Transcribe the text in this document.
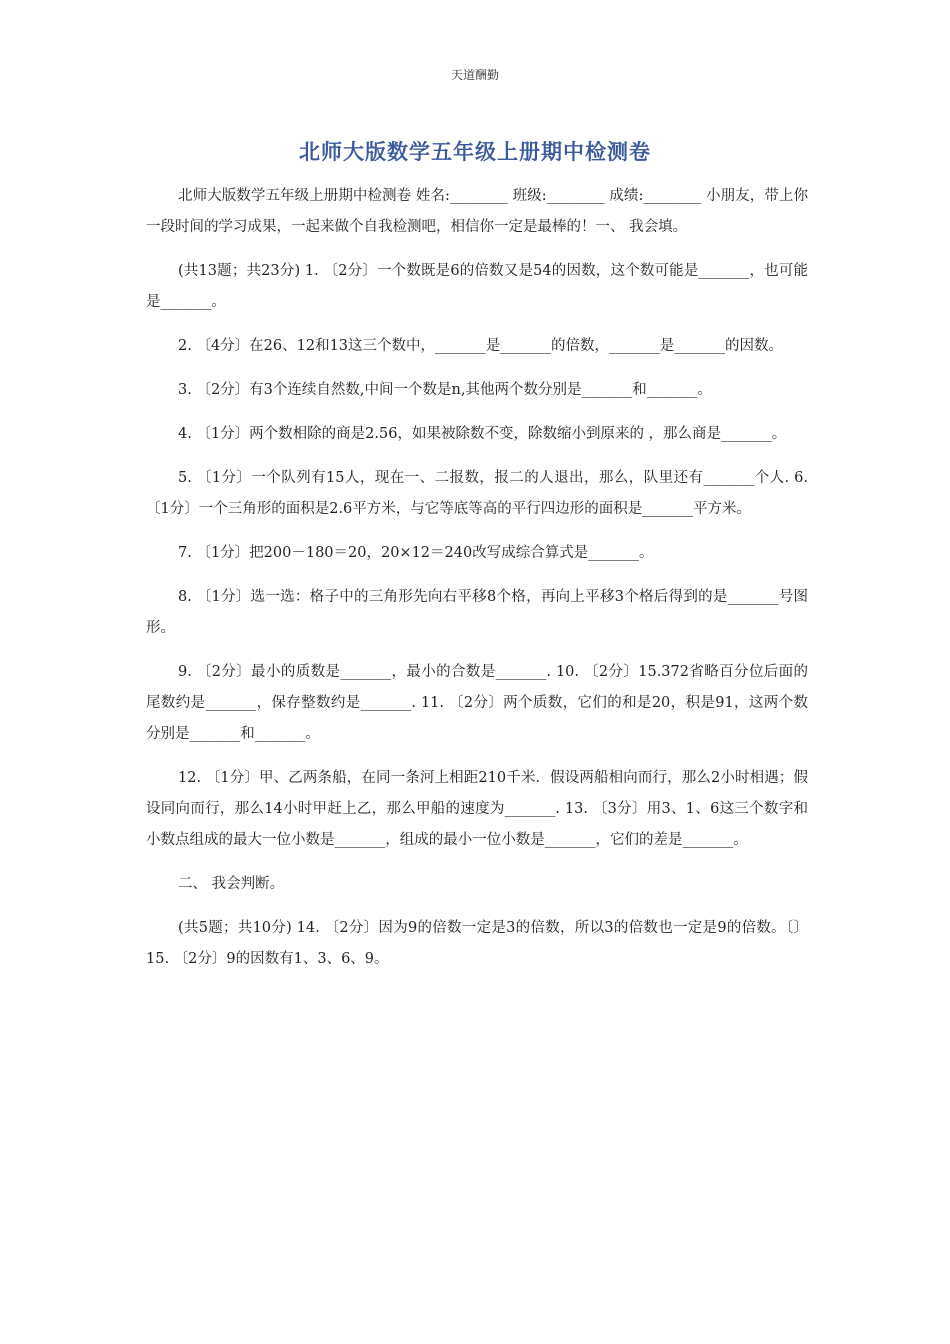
天道酬勤
北师大版数学五年级上册期中检测卷

北师大版数学五年级上册期中检测卷 姓名:________ 班级:________ 成绩:________ 小朋友，带上你一段时间的学习成果，一起来做个自我检测吧，相信你一定是最棒的！一、 我会填。

(共13题；共23分) 1. 〔2分〕一个数既是6的倍数又是54的因数，这个数可能是_______，也可能是_______。

2. 〔4分〕在26、12和13这三个数中，_______是_______的倍数，_______是_______的因数。

3. 〔2分〕有3个连续自然数,中间一个数是n,其他两个数分别是_______和_______。

4. 〔1分〕两个数相除的商是2.56，如果被除数不变，除数缩小到原来的 ，那么商是_______。

5. 〔1分〕一个队列有15人，现在一、二报数，报二的人退出，那么，队里还有_______个人. 6. 〔1分〕一个三角形的面积是2.6平方米，与它等底等高的平行四边形的面积是_______平方米。

7. 〔1分〕把200－180＝20，20×12＝240改写成综合算式是_______。

8. 〔1分〕选一选：格子中的三角形先向右平移8个格，再向上平移3个格后得到的是_______号图形。

9. 〔2分〕最小的质数是_______，最小的合数是_______. 10. 〔2分〕15.372省略百分位后面的尾数约是_______，保存整数约是_______. 11. 〔2分〕两个质数，它们的和是20，积是91，这两个数分别是_______和_______。

12. 〔1分〕甲、乙两条船，在同一条河上相距210千米．假设两船相向而行，那么2小时相遇；假设同向而行，那么14小时甲赶上乙，那么甲船的速度为_______. 13. 〔3分〕用3、1、6这三个数字和小数点组成的最大一位小数是_______，组成的最小一位小数是_______，它们的差是_______。

二、 我会判断。

(共5题；共10分) 14. 〔2分〕因为9的倍数一定是3的倍数，所以3的倍数也一定是9的倍数。〔〕 15. 〔2分〕9的因数有1、3、6、9。
